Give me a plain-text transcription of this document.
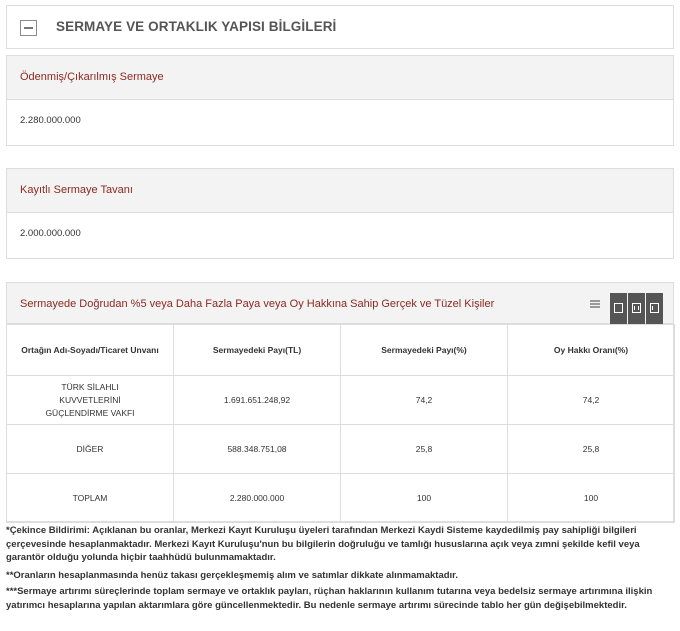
SERMAYE VE ORTAKLIK YAPISI BİLGİLERİ
Ödenmiş/Çıkarılmış Sermaye
2.280.000.000
Kayıtlı Sermaye Tavanı
2.000.000.000
Sermayede Doğrudan %5 veya Daha Fazla Paya veya Oy Hakkına Sahip Gerçek ve Tüzel Kişiler
Ortağın Adı-Soyadı/Ticaret Unvanı	Sermayedeki Payı(TL)	Sermayedeki Payı(%)	Oy Hakkı Oranı(%)
TÜRK SİLAHLI KUVVETLERİNİ GÜÇLENDİRME VAKFI	1.691.651.248,92	74,2	74,2
DİĞER	588.348.751,08	25,8	25,8
TOPLAM	2.280.000.000	100	100
*Çekince Bildirimi: Açıklanan bu oranlar, Merkezi Kayıt Kuruluşu üyeleri tarafından Merkezi Kaydi Sisteme kaydedilmiş pay sahipliği bilgileri çerçevesinde hesaplanmaktadır. Merkezi Kayıt Kuruluşu'nun bu bilgilerin doğruluğu ve tamlığı hususlarına açık veya zımni şekilde kefil veya garantör olduğu yolunda hiçbir taahhüdü bulunmamaktadır.
**Oranların hesaplanmasında henüz takası gerçekleşmemiş alım ve satımlar dikkate alınmamaktadır.
***Sermaye artırımı süreçlerinde toplam sermaye ve ortaklık payları, rüçhan haklarının kullanım tutarına veya bedelsiz sermaye artırımına ilişkin yatırımcı hesaplarına yapılan aktarımlara göre güncellenmektedir. Bu nedenle sermaye artırımı sürecinde tablo her gün değişebilmektedir.
